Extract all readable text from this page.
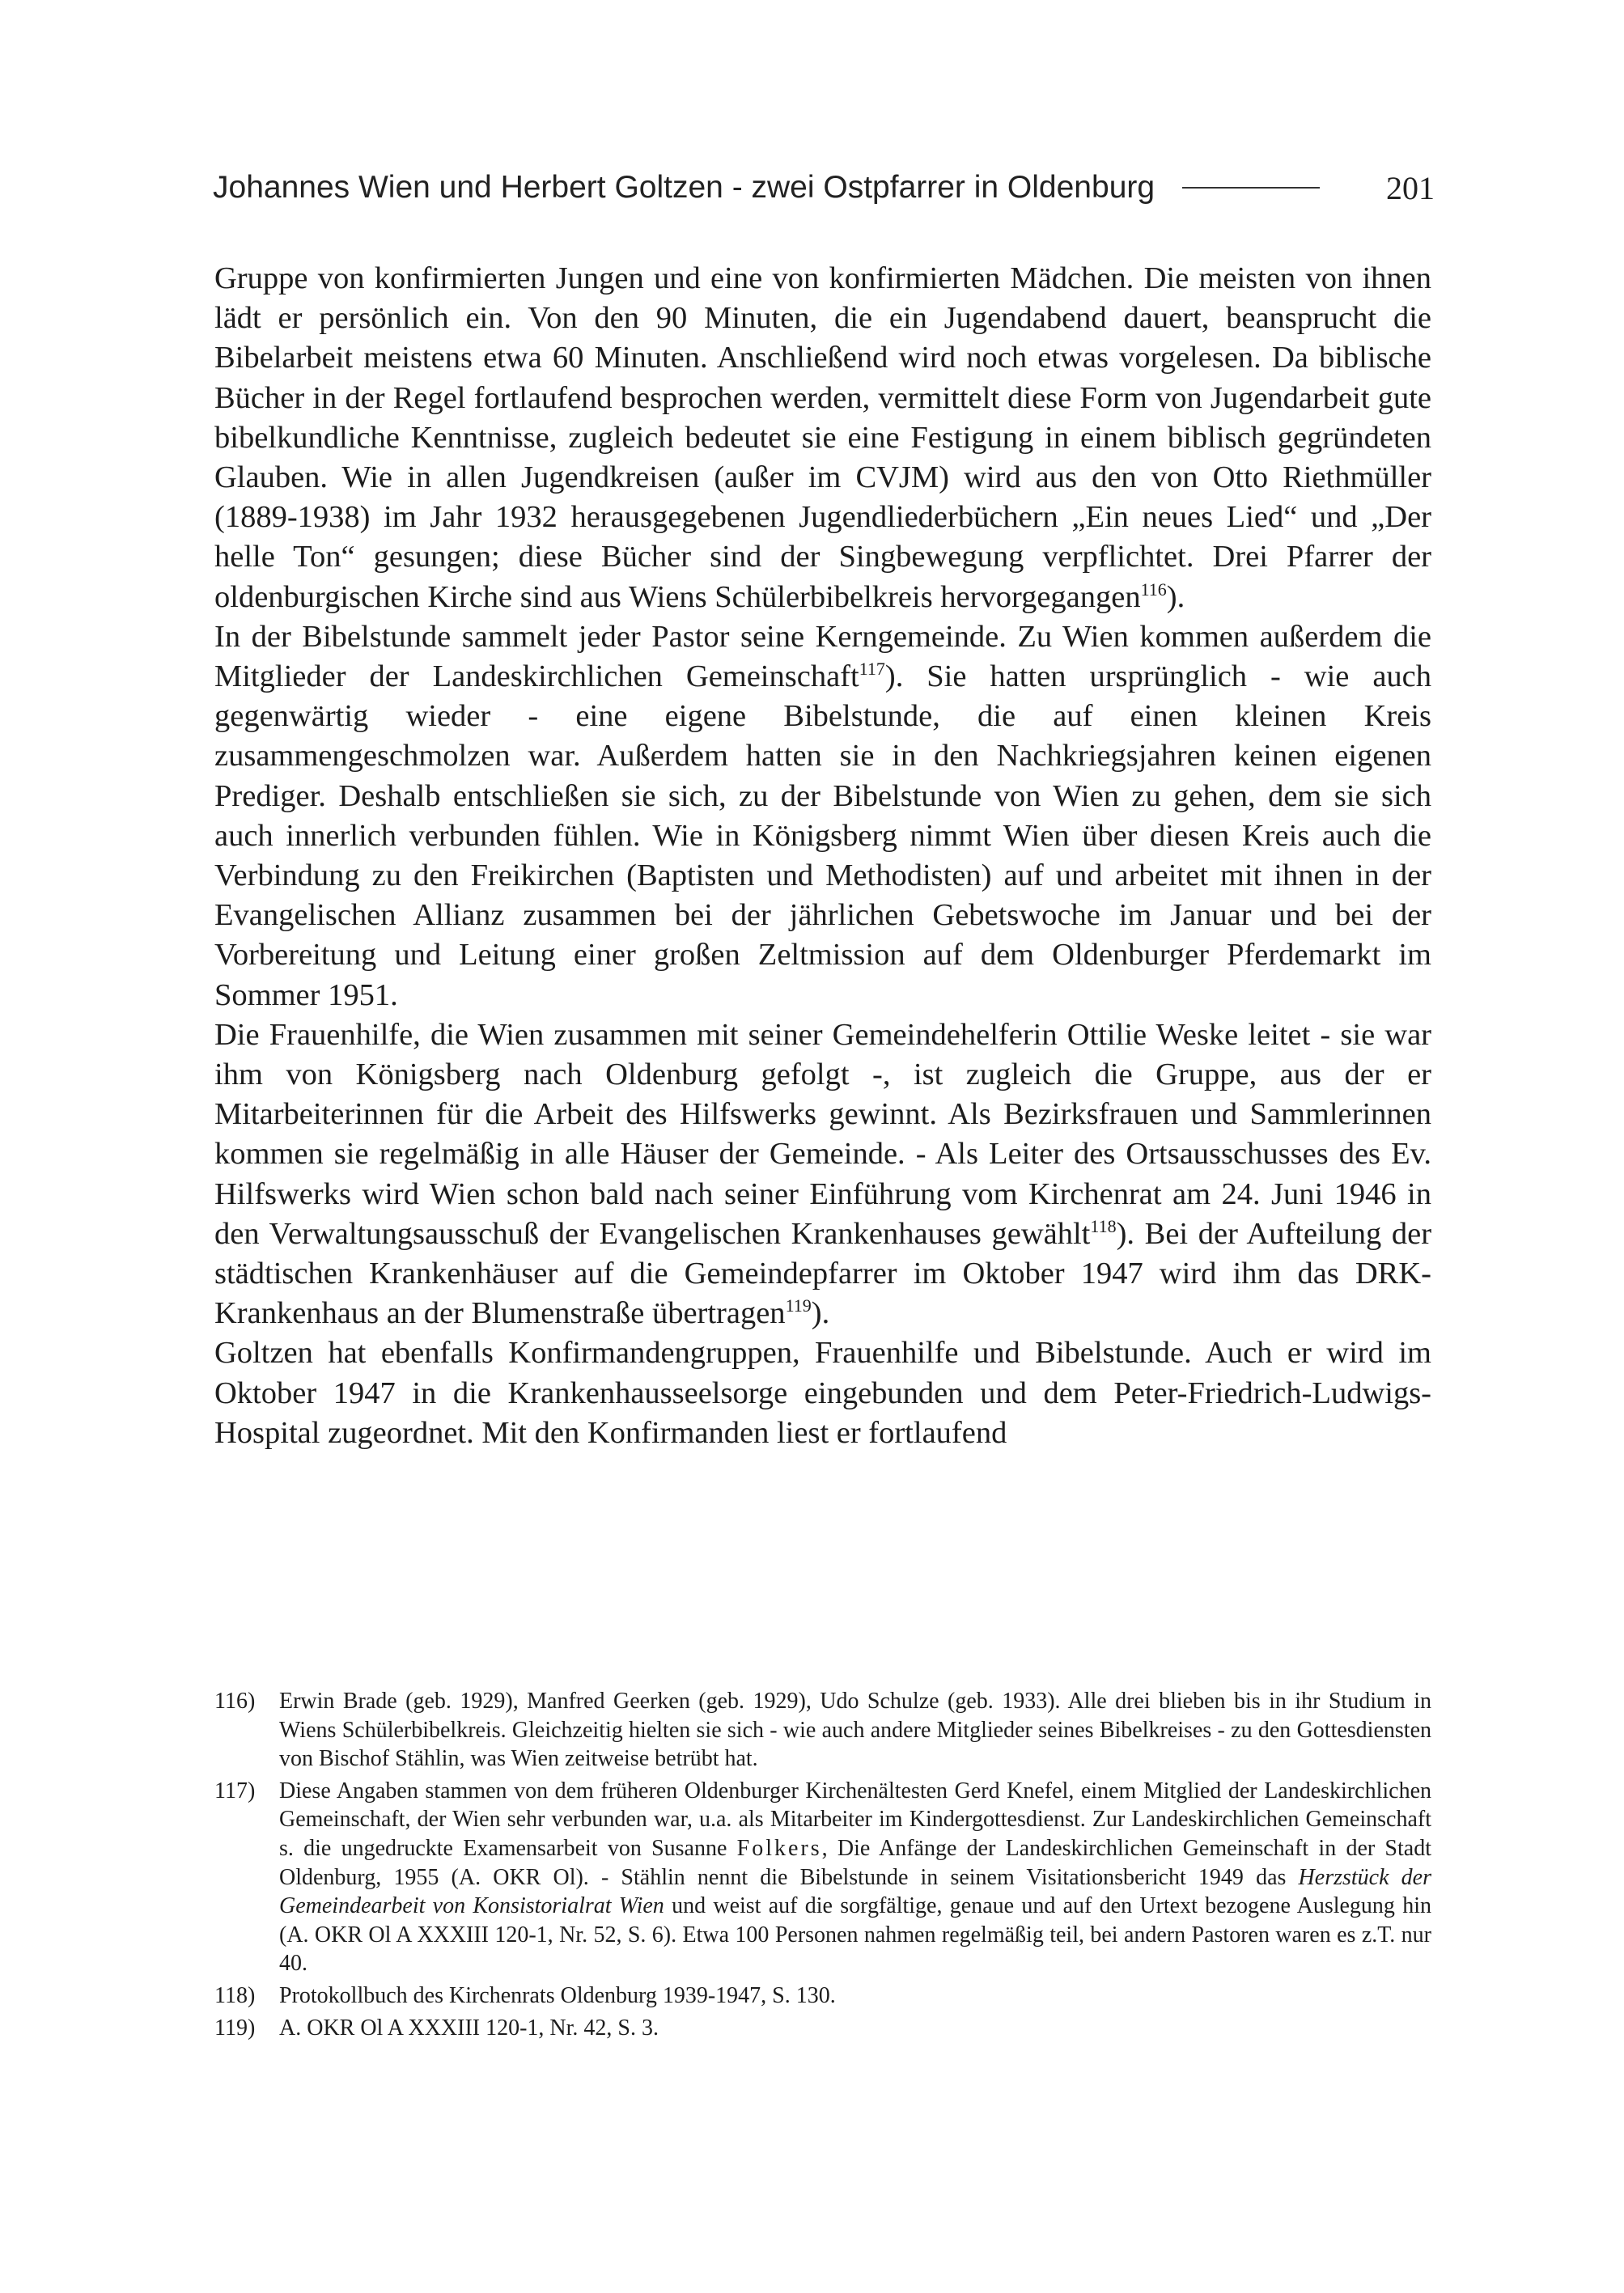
Johannes Wien und Herbert Goltzen - zwei Ostpfarrer in Oldenburg	201

Gruppe von konfirmierten Jungen und eine von konfirmierten Mädchen. Die meisten von ihnen lädt er persönlich ein. Von den 90 Minuten, die ein Jugendabend dauert, beansprucht die Bibelarbeit meistens etwa 60 Minuten. Anschließend wird noch etwas vorgelesen. Da biblische Bücher in der Regel fortlaufend besprochen werden, vermittelt diese Form von Jugendarbeit gute bibelkundliche Kenntnisse, zugleich bedeutet sie eine Festigung in einem biblisch gegründeten Glauben. Wie in allen Jugendkreisen (außer im CVJM) wird aus den von Otto Riethmüller (1889-1938) im Jahr 1932 herausgegebenen Jugendliederbüchern „Ein neues Lied“ und „Der helle Ton“ gesungen; diese Bücher sind der Singbewegung verpflichtet. Drei Pfarrer der oldenburgischen Kirche sind aus Wiens Schülerbibelkreis hervorgegangen$^{116}$).

In der Bibelstunde sammelt jeder Pastor seine Kerngemeinde. Zu Wien kommen außerdem die Mitglieder der Landeskirchlichen Gemeinschaft$^{117}$). Sie hatten ursprünglich - wie auch gegenwärtig wieder - eine eigene Bibelstunde, die auf einen kleinen Kreis zusammengeschmolzen war. Außerdem hatten sie in den Nachkriegsjahren keinen eigenen Prediger. Deshalb entschließen sie sich, zu der Bibelstunde von Wien zu gehen, dem sie sich auch innerlich verbunden fühlen. Wie in Königsberg nimmt Wien über diesen Kreis auch die Verbindung zu den Freikirchen (Baptisten und Methodisten) auf und arbeitet mit ihnen in der Evangelischen Allianz zusammen bei der jährlichen Gebetswoche im Januar und bei der Vorbereitung und Leitung einer großen Zeltmission auf dem Oldenburger Pferdemarkt im Sommer 1951.

Die Frauenhilfe, die Wien zusammen mit seiner Gemeindehelferin Ottilie Weske leitet - sie war ihm von Königsberg nach Oldenburg gefolgt -, ist zugleich die Gruppe, aus der er Mitarbeiterinnen für die Arbeit des Hilfswerks gewinnt. Als Bezirksfrauen und Sammlerinnen kommen sie regelmäßig in alle Häuser der Gemeinde. - Als Leiter des Ortsausschusses des Ev. Hilfswerks wird Wien schon bald nach seiner Einführung vom Kirchenrat am 24. Juni 1946 in den Verwaltungsausschuß der Evangelischen Krankenhauses gewählt$^{118}$). Bei der Aufteilung der städtischen Krankenhäuser auf die Gemeindepfarrer im Oktober 1947 wird ihm das DRK- Krankenhaus an der Blumenstraße übertragen$^{119}$).

Goltzen hat ebenfalls Konfirmandengruppen, Frauenhilfe und Bibelstunde. Auch er wird im Oktober 1947 in die Krankenhausseelsorge eingebunden und dem Peter-Friedrich-Ludwigs-Hospital zugeordnet. Mit den Konfirmanden liest er fortlaufend

116)	Erwin Brade (geb. 1929), Manfred Geerken (geb. 1929), Udo Schulze (geb. 1933). Alle drei blieben bis in ihr Studium in Wiens Schülerbibelkreis. Gleichzeitig hielten sie sich - wie auch andere Mitglieder seines Bibelkreises - zu den Gottesdiensten von Bischof Stählin, was Wien zeitweise betrübt hat.
117)	Diese Angaben stammen von dem früheren Oldenburger Kirchenältesten Gerd Knefel, einem Mitglied der Landeskirchlichen Gemeinschaft, der Wien sehr verbunden war, u.a. als Mitarbeiter im Kindergottesdienst. Zur Landeskirchlichen Gemeinschaft s. die ungedruckte Examensarbeit von Susanne Folkers, Die Anfänge der Landeskirchlichen Gemeinschaft in der Stadt Oldenburg, 1955 (A. OKR Ol). - Stählin nennt die Bibelstunde in seinem Visitationsbericht 1949 das Herzstück der Gemeindearbeit von Konsistorialrat Wien und weist auf die sorgfältige, genaue und auf den Urtext bezogene Auslegung hin (A. OKR Ol A XXXIII 120-1, Nr. 52, S. 6). Etwa 100 Personen nahmen regelmäßig teil, bei andern Pastoren waren es z.T. nur 40.
118)	Protokollbuch des Kirchenrats Oldenburg 1939-1947, S. 130.
119)	A. OKR Ol A XXXIII 120-1, Nr. 42, S. 3.
